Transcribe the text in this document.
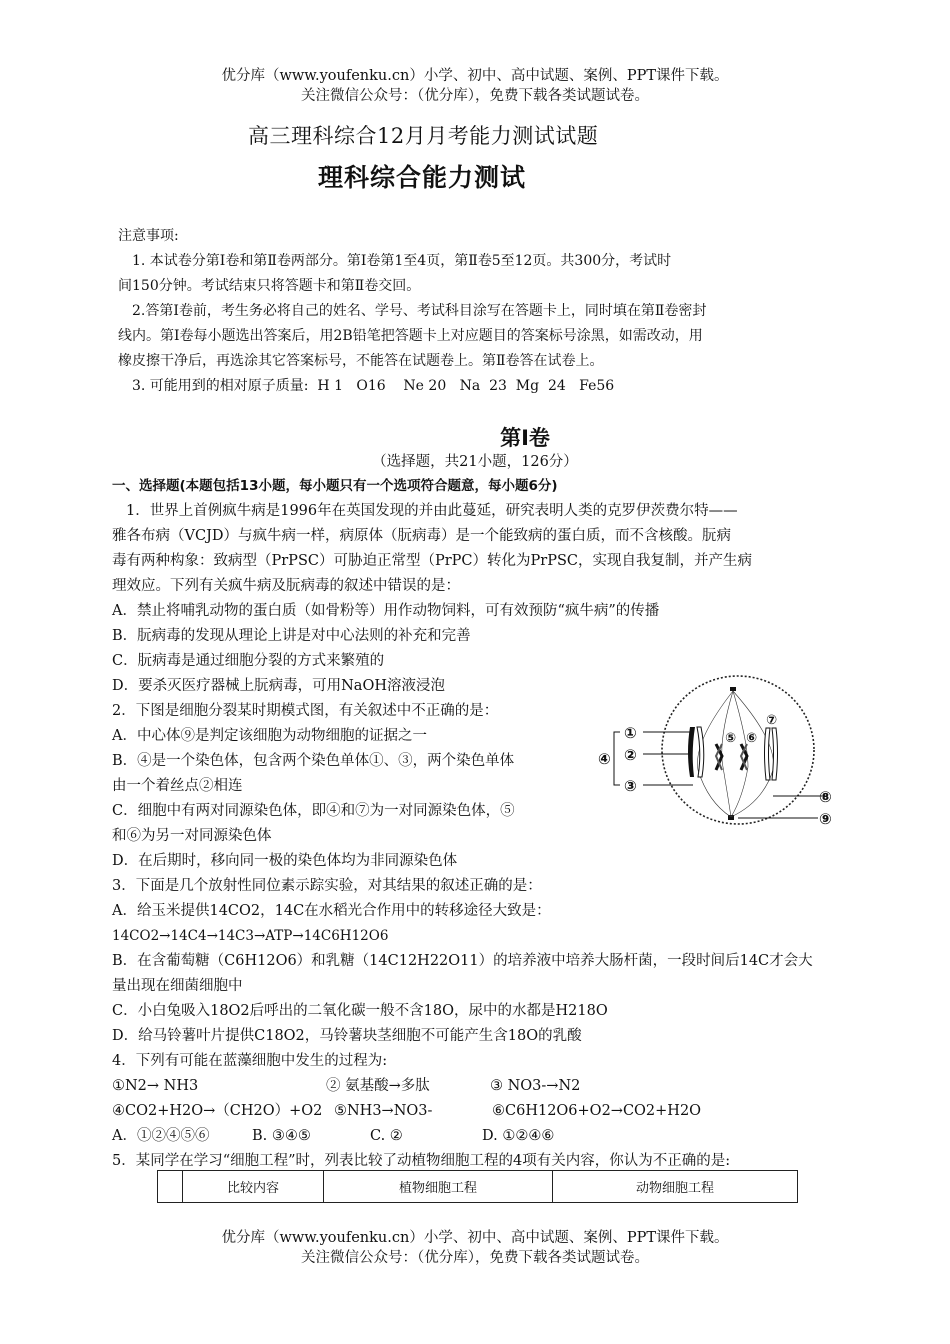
优分库（www.youfenku.cn）小学、初中、高中试题、案例、PPT课件下载。
关注微信公众号：（优分库），免费下载各类试题试卷。
高三理科综合12月月考能力测试试题
理科综合能力测试

注意事项:

1. 本试卷分第Ⅰ卷和第Ⅱ卷两部分。第Ⅰ卷第1至4页，第Ⅱ卷5至12页。共300分，考试时

间150分钟。考试结束只将答题卡和第Ⅱ卷交回。

2.答第Ⅰ卷前，考生务必将自己的姓名、学号、考试科目涂写在答题卡上，同时填在第Ⅱ卷密封

线内。第Ⅰ卷每小题选出答案后，用2B铅笔把答题卡上对应题目的答案标号涂黑，如需改动，用

橡皮擦干净后，再选涂其它答案标号，不能答在试题卷上。第Ⅱ卷答在试卷上。

3. 可能用到的相对原子质量:  H 1   O16    Ne 20   Na  23  Mg  24   Fe56

第Ⅰ卷
（选择题，共21小题，126分）

一、选择题(本题包括13小题，每小题只有一个选项符合题意，每小题6分)

1．世界上首例疯牛病是1996年在英国发现的并由此蔓延，研究表明人类的克罗伊茨费尔特——

雅各布病（VCJD）与疯牛病一样，病原体（朊病毒）是一个能致病的蛋白质，而不含核酸。朊病

毒有两种构象：致病型（PrPSC）可胁迫正常型（PrPC）转化为PrPSC，实现自我复制，并产生病

理效应。下列有关疯牛病及朊病毒的叙述中错误的是：

A．禁止将哺乳动物的蛋白质（如骨粉等）用作动物饲料，可有效预防“疯牛病”的传播

B．朊病毒的发现从理论上讲是对中心法则的补充和完善

C．朊病毒是通过细胞分裂的方式来繁殖的

D．要杀灭医疗器械上朊病毒，可用NaOH溶液浸泡

2．下图是细胞分裂某时期模式图，有关叙述中不正确的是：

A．中心体⑨是判定该细胞为动物细胞的证据之一

B．④是一个染色体，包含两个染色单体①、③，两个染色单体

由一个着丝点②相连

C．细胞中有两对同源染色体，即④和⑦为一对同源染色体，⑤

和⑥为另一对同源染色体

D．在后期时，移向同一极的染色体均为非同源染色体

3．下面是几个放射性同位素示踪实验，对其结果的叙述正确的是：

A．给玉米提供14CO2，14C在水稻光合作用中的转移途径大致是：

14CO2→14C4→14C3→ATP→14C6H12O6

B．在含葡萄糖（C6H12O6）和乳糖（14C12H22O11）的培养液中培养大肠杆菌，一段时间后14C才会大

量出现在细菌细胞中

C．小白兔吸入18O2后呼出的二氧化碳一般不含18O，尿中的水都是H218O

D．给马铃薯叶片提供C18O2，马铃薯块茎细胞不可能产生含18O的乳酸

4．下列有可能在蓝藻细胞中发生的过程为:

①N2→ NH3	② 氨基酸→多肽	③ NO3-→N2

④CO2+H2O→（CH2O）+O2 ⑤NH3→NO3-	⑥C6H12O6+O2→CO2+H2O

A．①②④⑤⑥	B. ③④⑤	C. ②	D. ①②④⑥

5．某同学在学习“细胞工程”时，列表比较了动植物细胞工程的4项有关内容，你认为不正确的是:

①
②
③
④
⑤ ⑥
⑦
⑧
⑨
	比较内容	植物细胞工程	动物细胞工程
优分库（www.youfenku.cn）小学、初中、高中试题、案例、PPT课件下载。
关注微信公众号：（优分库），免费下载各类试题试卷。
